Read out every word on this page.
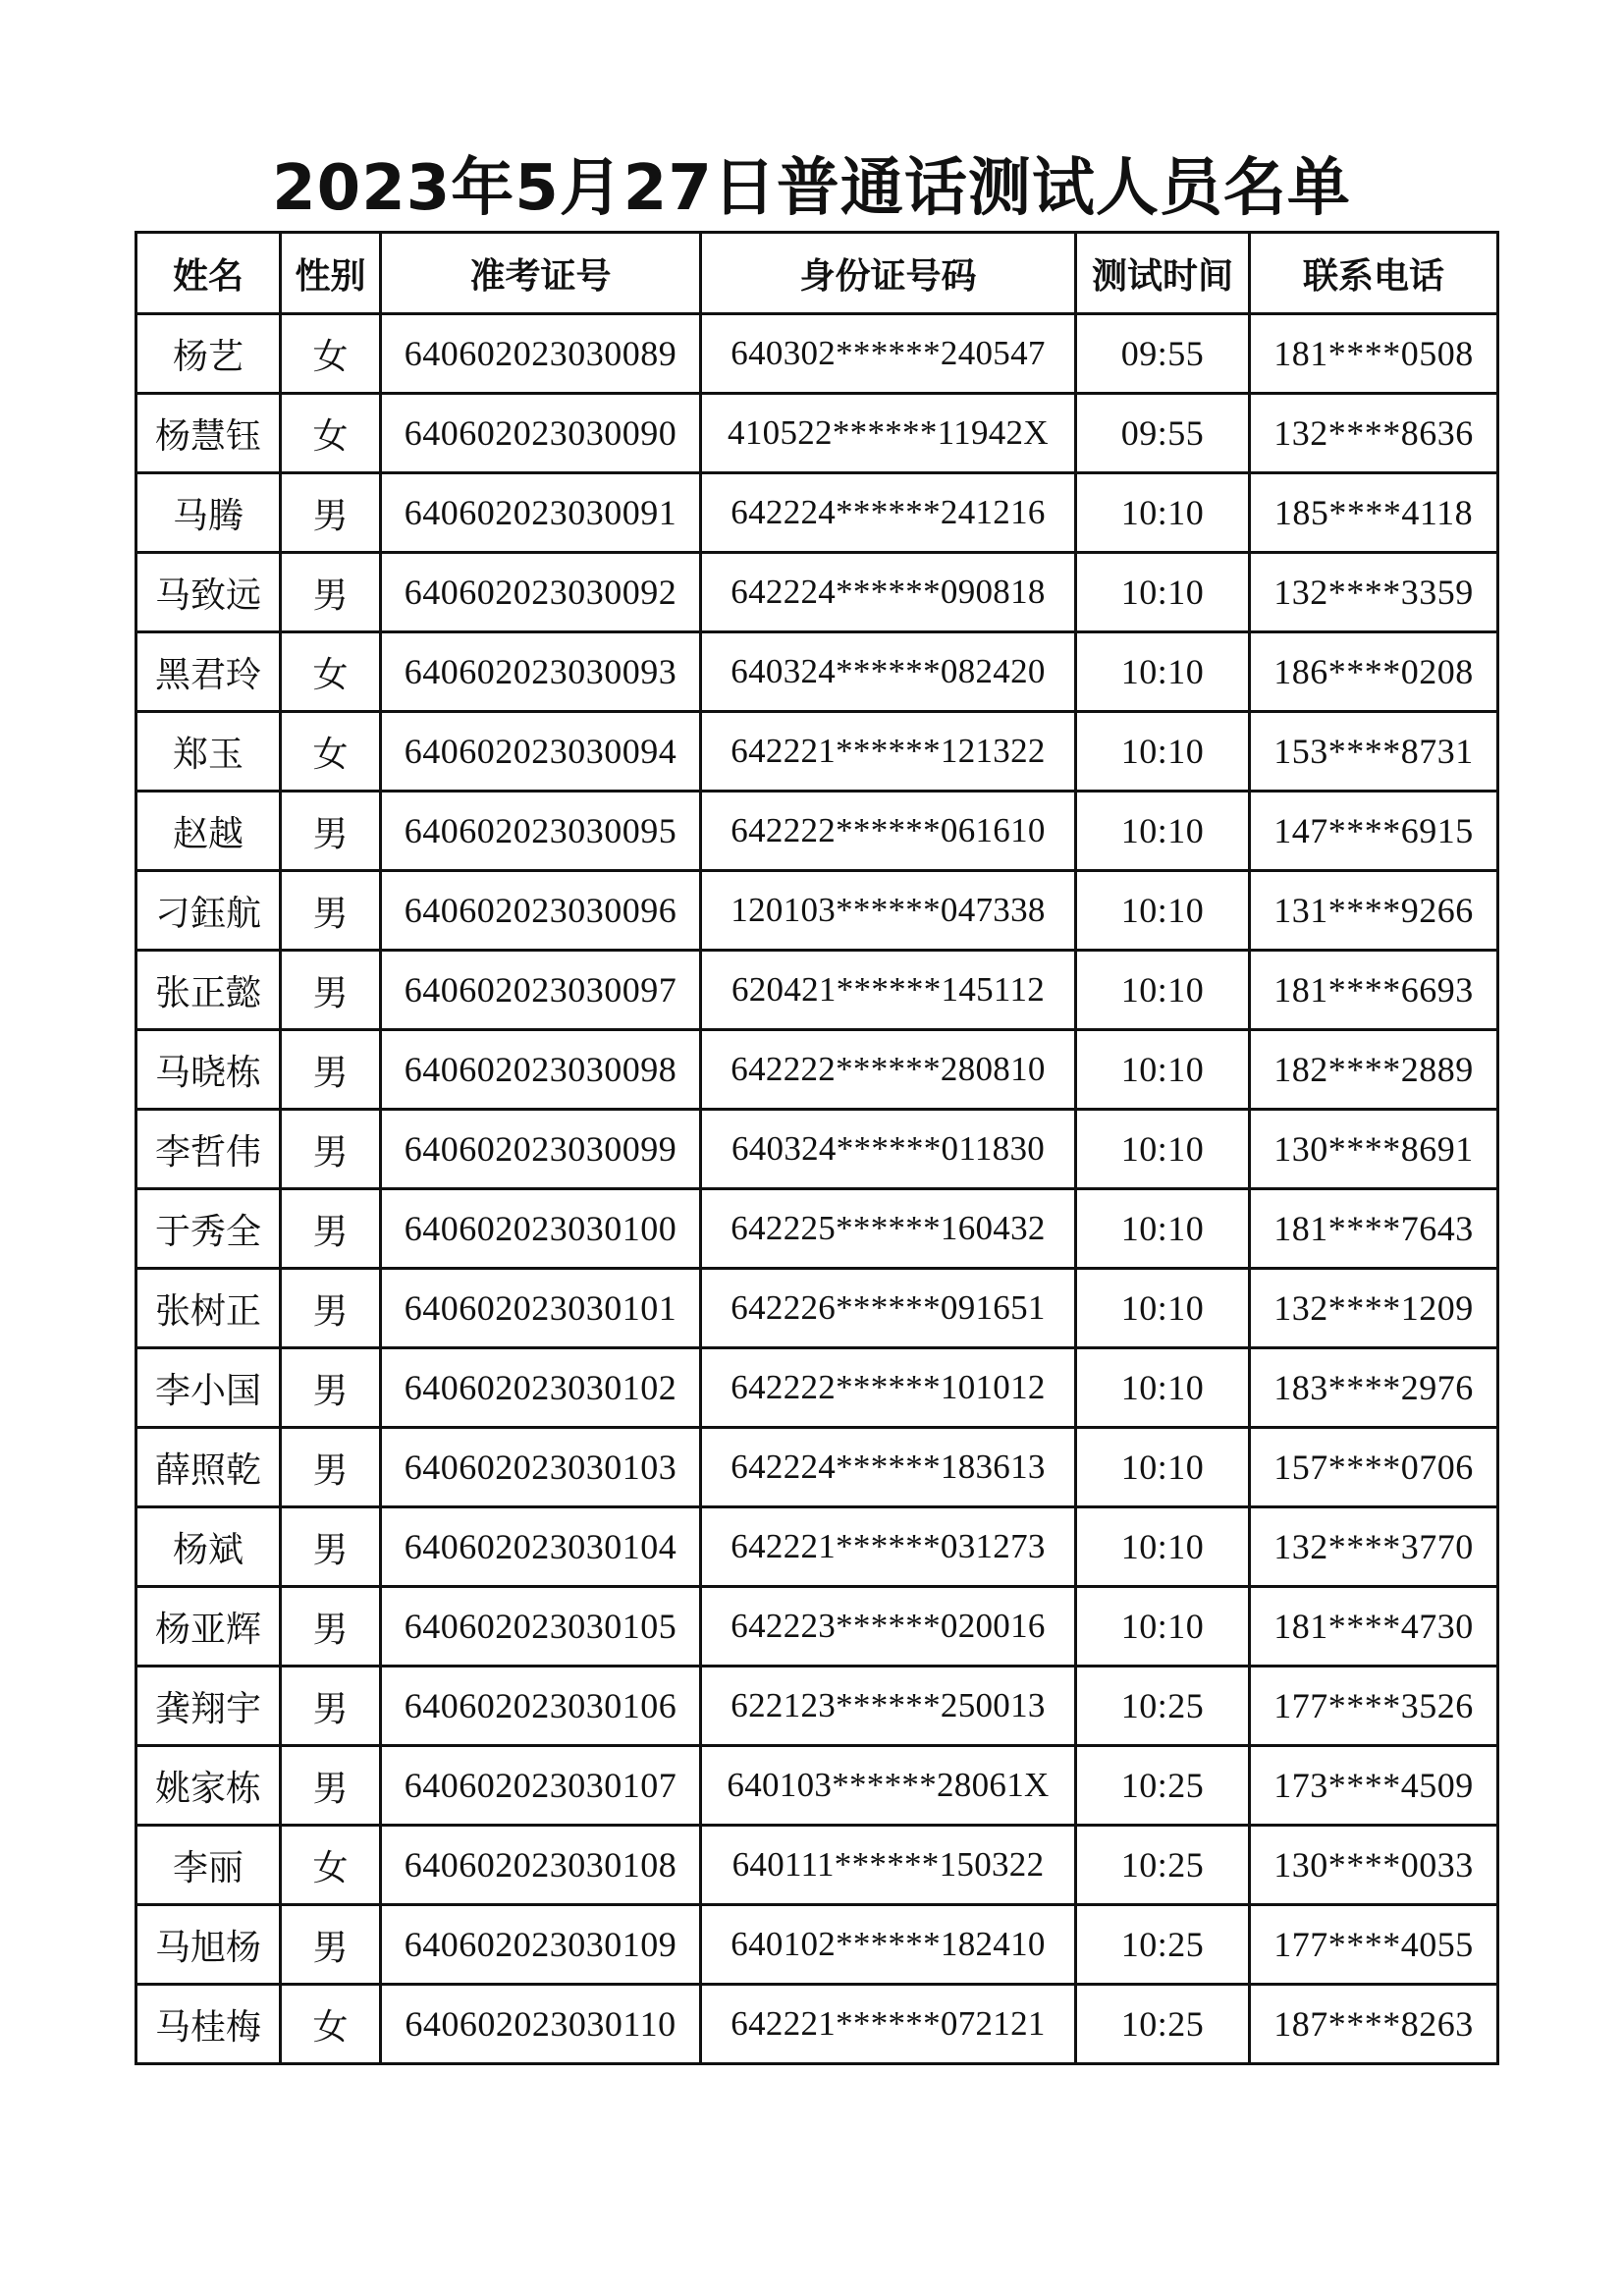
2023年5月27日普通话测试人员名单
姓名	性别	准考证号	身份证号码	测试时间	联系电话
杨艺	女	640602023030089	640302******240547	09:55	181****0508
杨慧钰	女	640602023030090	410522******11942X	09:55	132****8636
马腾	男	640602023030091	642224******241216	10:10	185****4118
马致远	男	640602023030092	642224******090818	10:10	132****3359
黑君玲	女	640602023030093	640324******082420	10:10	186****0208
郑玉	女	640602023030094	642221******121322	10:10	153****8731
赵越	男	640602023030095	642222******061610	10:10	147****6915
刁鈺航	男	640602023030096	120103******047338	10:10	131****9266
张正懿	男	640602023030097	620421******145112	10:10	181****6693
马晓栋	男	640602023030098	642222******280810	10:10	182****2889
李哲伟	男	640602023030099	640324******011830	10:10	130****8691
于秀全	男	640602023030100	642225******160432	10:10	181****7643
张树正	男	640602023030101	642226******091651	10:10	132****1209
李小国	男	640602023030102	642222******101012	10:10	183****2976
薛照乾	男	640602023030103	642224******183613	10:10	157****0706
杨斌	男	640602023030104	642221******031273	10:10	132****3770
杨亚辉	男	640602023030105	642223******020016	10:10	181****4730
龚翔宇	男	640602023030106	622123******250013	10:25	177****3526
姚家栋	男	640602023030107	640103******28061X	10:25	173****4509
李丽	女	640602023030108	640111******150322	10:25	130****0033
马旭杨	男	640602023030109	640102******182410	10:25	177****4055
马桂梅	女	640602023030110	642221******072121	10:25	187****8263
